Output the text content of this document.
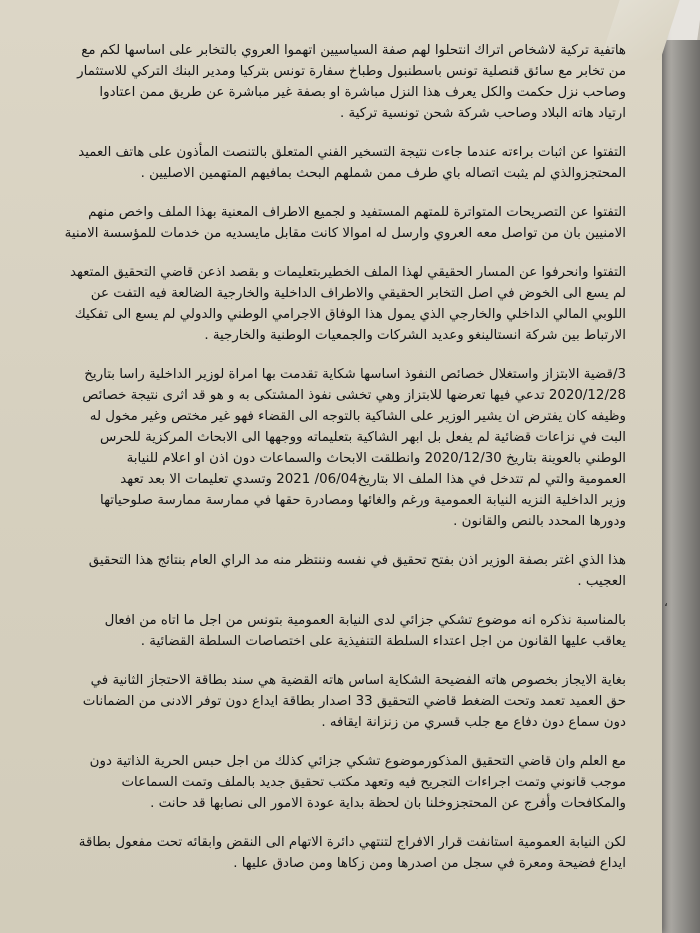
هاتفية تركية لاشخاص اتراك انتحلوا لهم صفة السياسيين اتهموا العروي بالتخابر على اساسها لكم مع
من تخابر مع سائق قنصلية تونس باسطنبول وطباخ سفارة تونس بتركيا ومدير البنك التركي للاستثمار
وصاحب نزل حكمت والكل يعرف هذا النزل مباشرة او بصفة غير مباشرة عن طريق ممن اعتادوا
ارتياد هاته البلاد وصاحب شركة شحن تونسية تركية .
التفتوا عن اثبات براءته عندما جاءت نتيجة التسخير الفني المتعلق بالتنصت المأذون على هاتف العميد
المحتجزوالذي لم يثبت اتصاله باي طرف ممن شملهم البحث بمافيهم المتهمين الاصليين .
التفتوا عن التصريحات المتواترة للمتهم المستفيد و لجميع الاطراف المعنية بهذا الملف واخص منهم
الامنيين بان من تواصل معه العروي وارسل له اموالا كانت مقابل مايسديه من خدمات للمؤسسة الامنية
التفتوا وانحرفوا عن المسار الحقيقي لهذا الملف الخطيربتعليمات و بقصد اذعن قاضي التحقيق المتعهد
لم يسع الى الخوض في اصل التخابر الحقيقي والاطراف الداخلية والخارجية الضالعة فيه التفت عن
اللوبي المالي الداخلي والخارجي الذي يمول هذا الوفاق الاجرامي الوطني والدولي لم يسع الى تفكيك
الارتباط بين شركة انستالينغو وعديد الشركات والجمعيات الوطنية والخارجية .
3/قضية الابتزاز واستغلال خصائص النفوذ اساسها شكاية تقدمت بها امراة لوزير الداخلية راسا بتاريخ
2020/12/28 تدعي فيها تعرضها للابتزاز وهي تخشى نفوذ المشتكى به و هو قد اثرى نتيجة خصائص
وظيفه كان يفترض ان يشير الوزير على الشاكية بالتوجه الى القضاء فهو غير مختص وغير مخول له
البت في نزاعات قضائية لم يفعل بل ابهر الشاكية بتعليماته ووجهها الى الابحاث المركزية للحرس
الوطني بالعوينة بتاريخ 2020/12/30 وانطلقت الابحاث والسماعات دون اذن او اعلام للنيابة
العمومية والتي لم تتدخل في هذا الملف الا بتاريخ06/04/ 2021 وتسدي تعليمات الا بعد تعهد
وزير الداخلية النزيه النيابة العمومية ورغم والغائها ومصادرة حقها في ممارسة ممارسة صلوحياتها
ودورها المحدد بالنص والقانون .
هذا الذي اغتر بصفة الوزير اذن بفتح تحقيق في نفسه وننتظر منه مد الراي العام بنتائج هذا التحقيق
العجيب .
بالمناسبة نذكره انه موضوع تشكي جزائي لدى النيابة العمومية بتونس من اجل ما اتاه من افعال
يعاقب عليها القانون من اجل اعتداء السلطة التنفيذية على اختصاصات السلطة القضائية .
بغاية الايجاز بخصوص هاته الفضيحة الشكاية اساس هاته القضية هي سند بطاقة الاحتجاز الثانية في
حق العميد تعمد وتحت الضغط قاضي التحقيق 33 اصدار بطاقة ايداع دون توفر الادنى من الضمانات
دون سماع دون دفاع مع جلب قسري من زنزانة ايقافه .
مع العلم وان قاضي التحقيق المذكورموضوع تشكي جزائي كذلك من اجل حبس الحرية الذاتية دون
موجب قانوني وتمت اجراءات التجريح فيه وتعهد مكتب تحقيق جديد بالملف وتمت السماعات
والمكافحات وأفرج عن المحتجزوخلنا بان لحظة بداية عودة الامور الى نصابها قد حانت .
لكن النيابة العمومية استانفت قرار الافراج لتنتهي دائرة الاتهام الى النقض وابقائه تحت مفعول بطاقة
ايداع فضيحة ومعرة في سجل من اصدرها ومن زكاها ومن صادق عليها .
،
